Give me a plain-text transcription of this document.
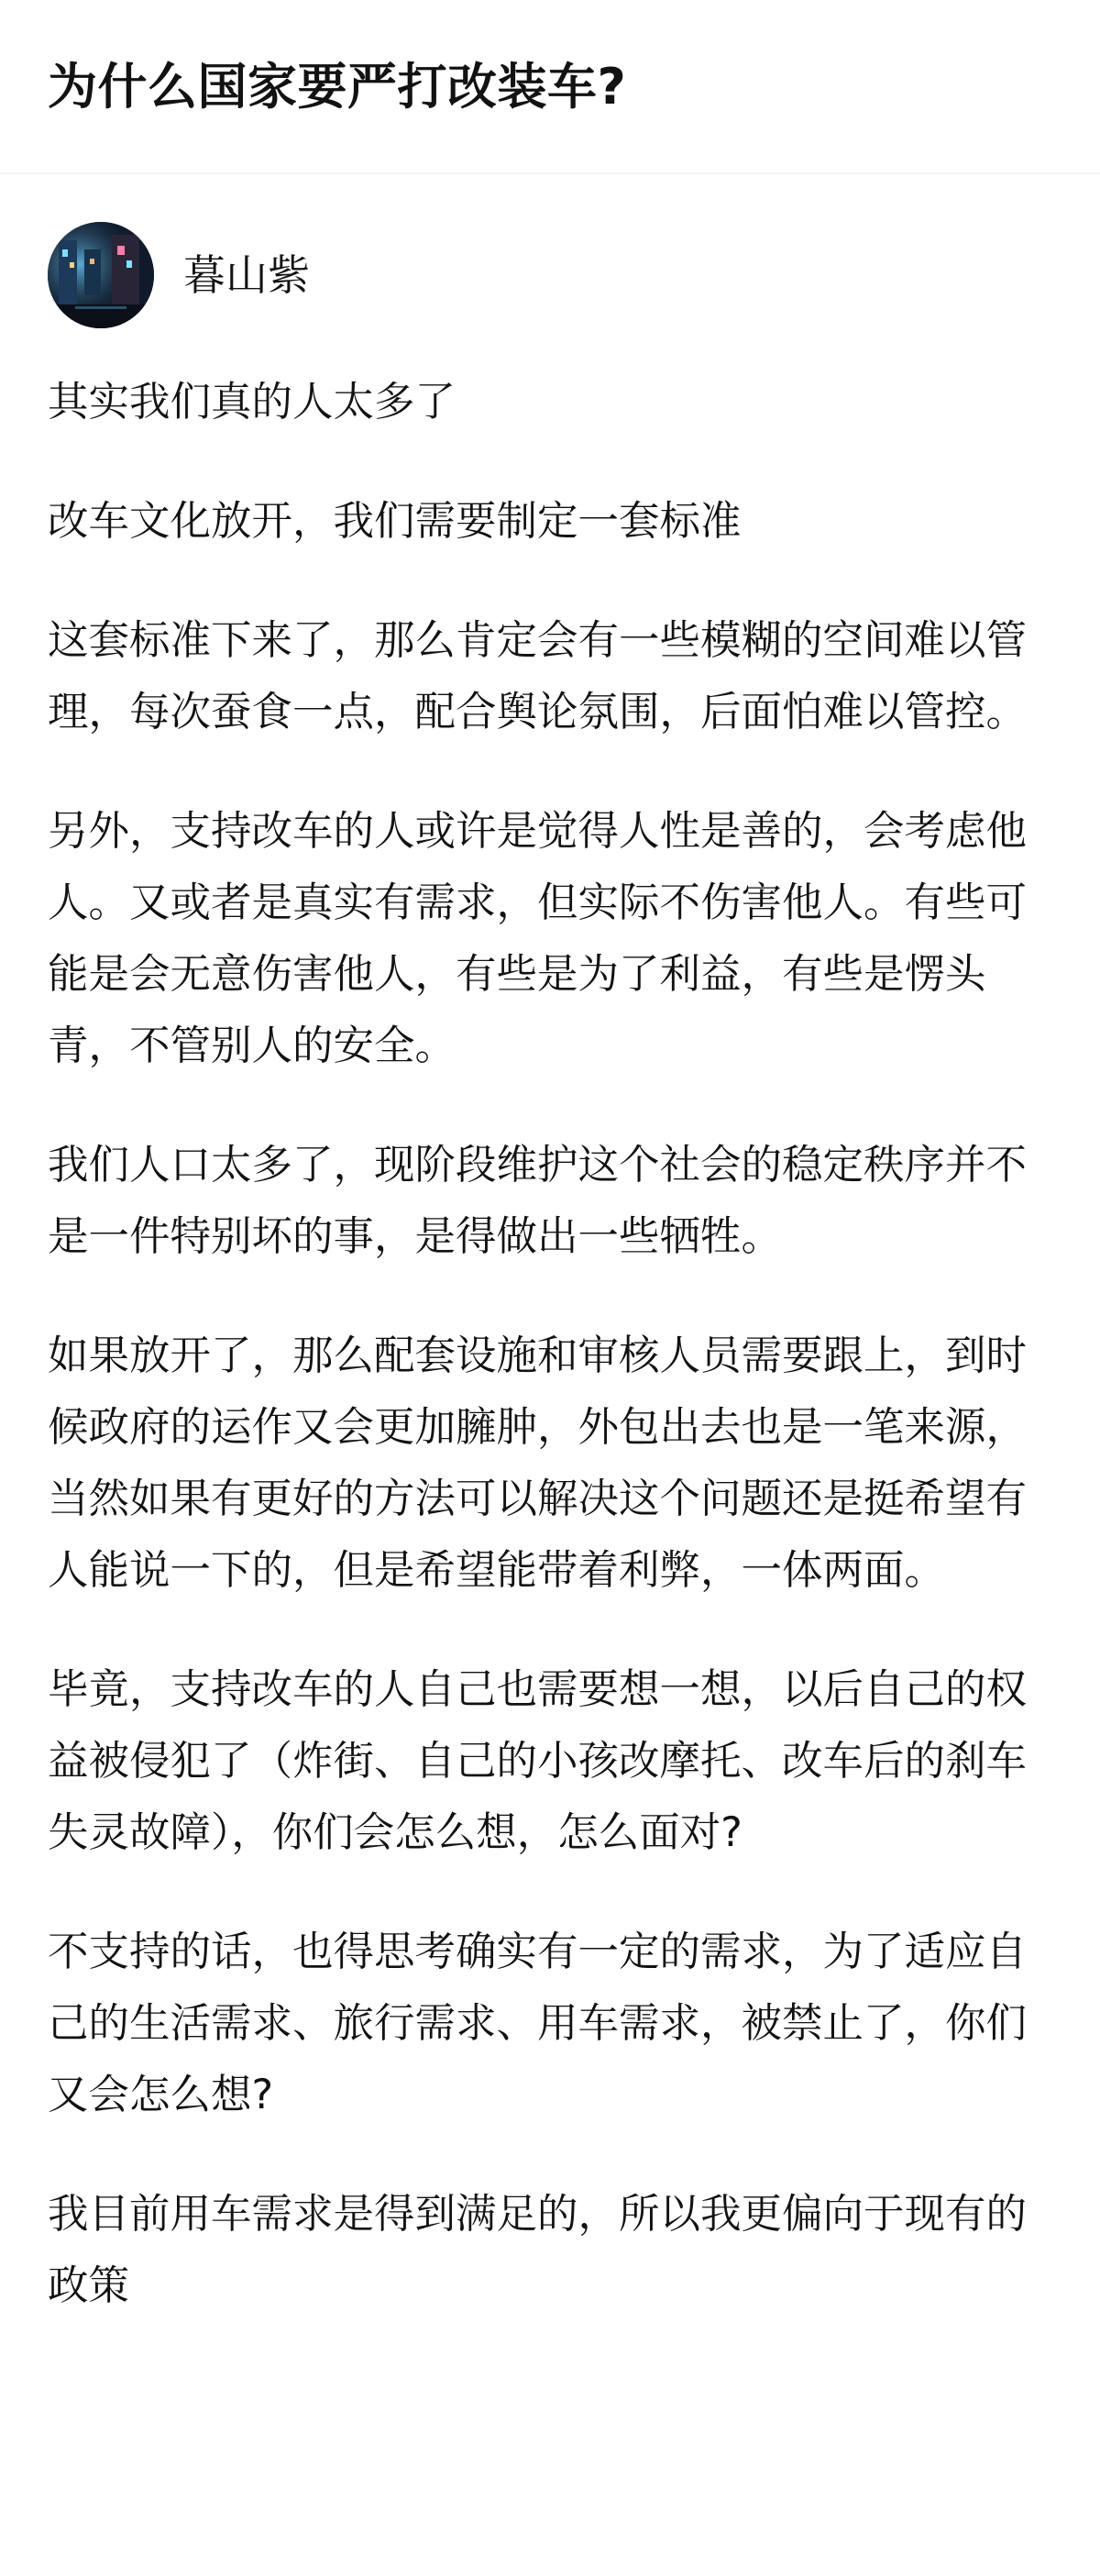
为什么国家要严打改装车?
暮山紫

其实我们真的人太多了

改车文化放开，我们需要制定一套标准

这套标准下来了，那么肯定会有一些模糊的空间难以管理，每次蚕食一点，配合舆论氛围，后面怕难以管控。

另外，支持改车的人或许是觉得人性是善的，会考虑他人。又或者是真实有需求，但实际不伤害他人。有些可能是会无意伤害他人，有些是为了利益，有些是愣头青，不管别人的安全。

我们人口太多了，现阶段维护这个社会的稳定秩序并不是一件特别坏的事，是得做出一些牺牲。

如果放开了，那么配套设施和审核人员需要跟上，到时候政府的运作又会更加臃肿，外包出去也是一笔来源，当然如果有更好的方法可以解决这个问题还是挺希望有人能说一下的，但是希望能带着利弊，一体两面。

毕竟，支持改车的人自己也需要想一想，以后自己的权益被侵犯了（炸街、自己的小孩改摩托、改车后的刹车失灵故障），你们会怎么想，怎么面对?

不支持的话，也得思考确实有一定的需求，为了适应自己的生活需求、旅行需求、用车需求，被禁止了，你们又会怎么想?

我目前用车需求是得到满足的，所以我更偏向于现有的政策
